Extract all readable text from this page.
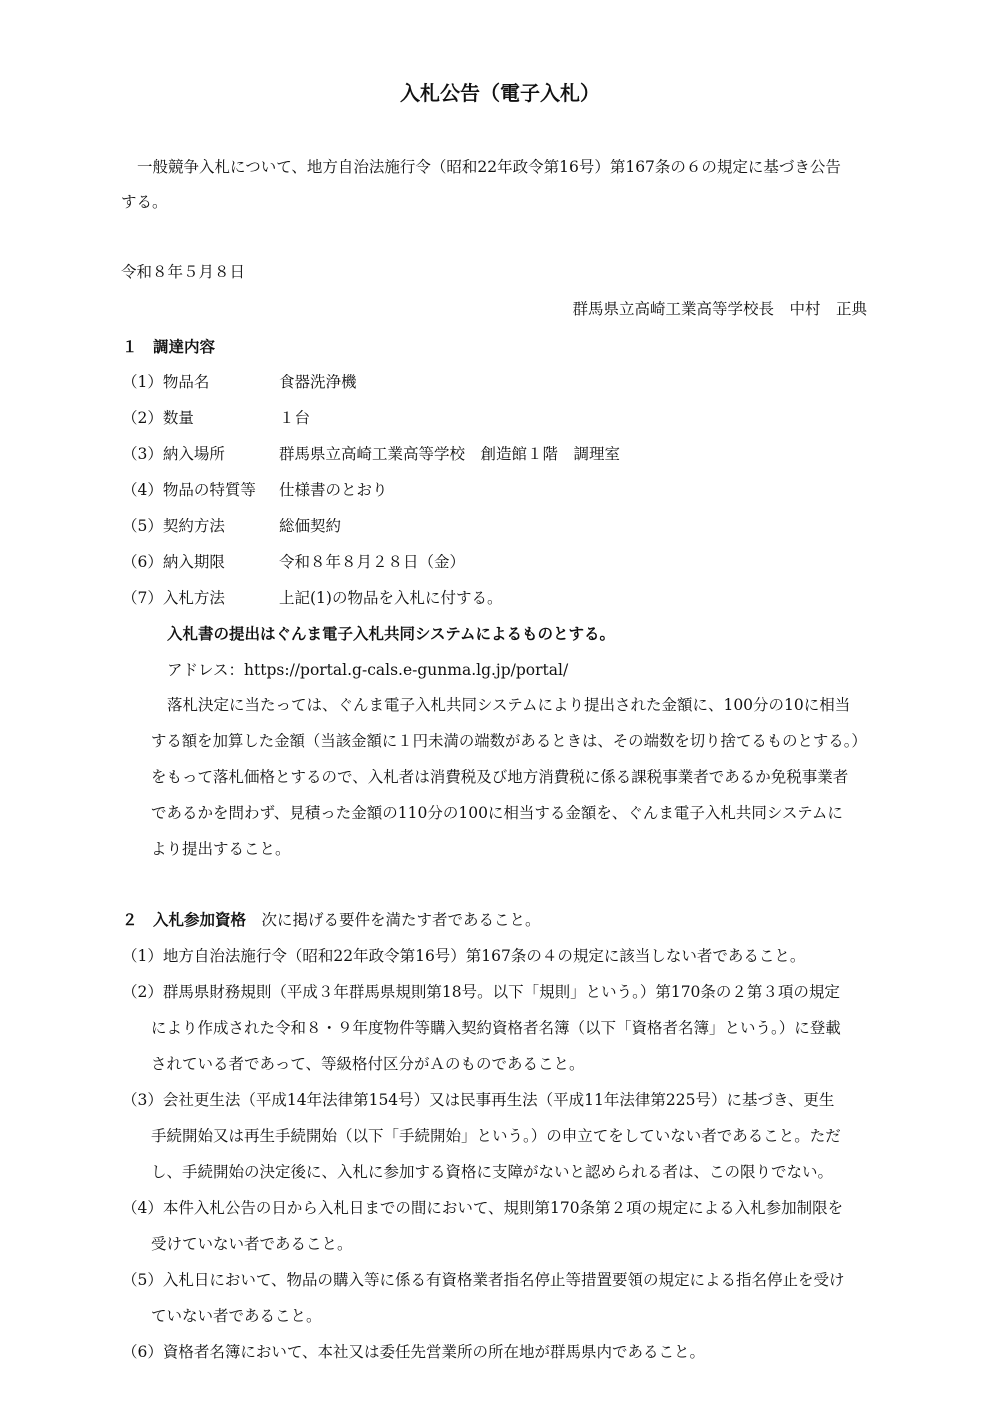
入札公告（電子入札）
一般競争入札について、地方自治法施行令（昭和22年政令第16号）第167条の６の規定に基づき公告
する。
令和８年５月８日
群馬県立高崎工業高等学校長　中村　正典
１　調達内容
（1）物品名	食器洗浄機
（2）数量	１台
（3）納入場所	群馬県立高崎工業高等学校　創造館１階　調理室
（4）物品の特質等 仕様書のとおり
（5）契約方法	総価契約
（6）納入期限	令和８年８月２８日（金）
（7）入札方法	上記(1)の物品を入札に付する。
入札書の提出はぐんま電子入札共同システムによるものとする。
アドレス：https://portal.g-cals.e-gunma.lg.jp/portal/
落札決定に当たっては、ぐんま電子入札共同システムにより提出された金額に、100分の10に相当
する額を加算した金額（当該金額に１円未満の端数があるときは、その端数を切り捨てるものとする。）
をもって落札価格とするので、入札者は消費税及び地方消費税に係る課税事業者であるか免税事業者
であるかを問わず、見積った金額の110分の100に相当する金額を、ぐんま電子入札共同システムに
より提出すること。
２　入札参加資格  次に掲げる要件を満たす者であること。
（1）地方自治法施行令（昭和22年政令第16号）第167条の４の規定に該当しない者であること。
（2）群馬県財務規則（平成３年群馬県規則第18号。以下「規則」という。）第170条の２第３項の規定
により作成された令和８・９年度物件等購入契約資格者名簿（以下「資格者名簿」という。）に登載
されている者であって、等級格付区分がＡのものであること。
（3）会社更生法（平成14年法律第154号）又は民事再生法（平成11年法律第225号）に基づき、更生
手続開始又は再生手続開始（以下「手続開始」という。）の申立てをしていない者であること。ただ
し、手続開始の決定後に、入札に参加する資格に支障がないと認められる者は、この限りでない。
（4）本件入札公告の日から入札日までの間において、規則第170条第２項の規定による入札参加制限を
受けていない者であること。
（5）入札日において、物品の購入等に係る有資格業者指名停止等措置要領の規定による指名停止を受け
ていない者であること。
（6）資格者名簿において、本社又は委任先営業所の所在地が群馬県内であること。
